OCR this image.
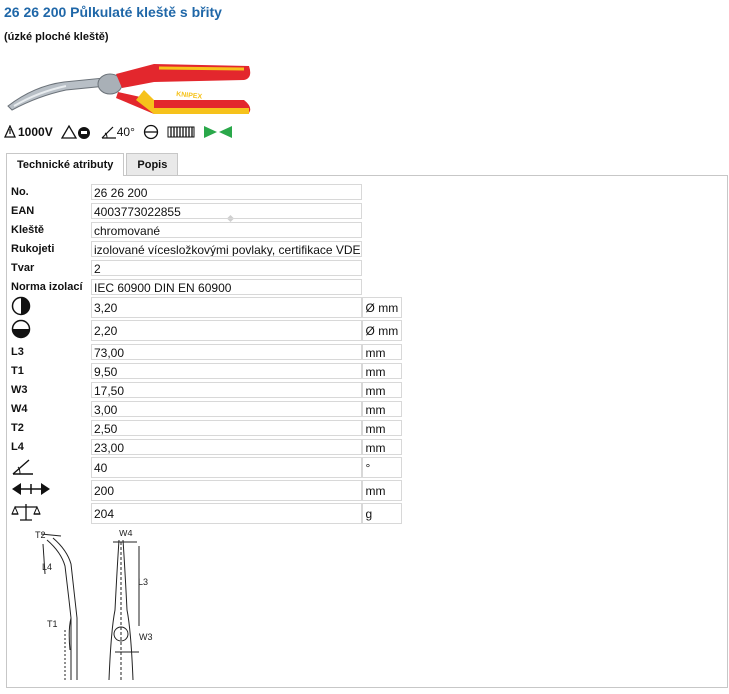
26 26 200 Půlkulaté kleště s břity
(úzké ploché kleště)
KNIPEX
1000V	40°
Technické atributy	Popis
No.	26 26 200	

EAN	4003773022855	

Kleště	chromované	

Rukojeti	izolované vícesložkovými povlaky, certifikace VDE	

Tvar	2	

Norma izolací	IEC 60900 DIN EN 60900	

3,20	Ø mm

2,20	Ø mm

L3	73,00	mm

T1	9,50	mm

W3	17,50	mm

W4	3,00	mm

T2	2,50	mm

L4	23,00	mm

40	°

200	mm

204	g
T2
L4
T1
W4
L3
W3
